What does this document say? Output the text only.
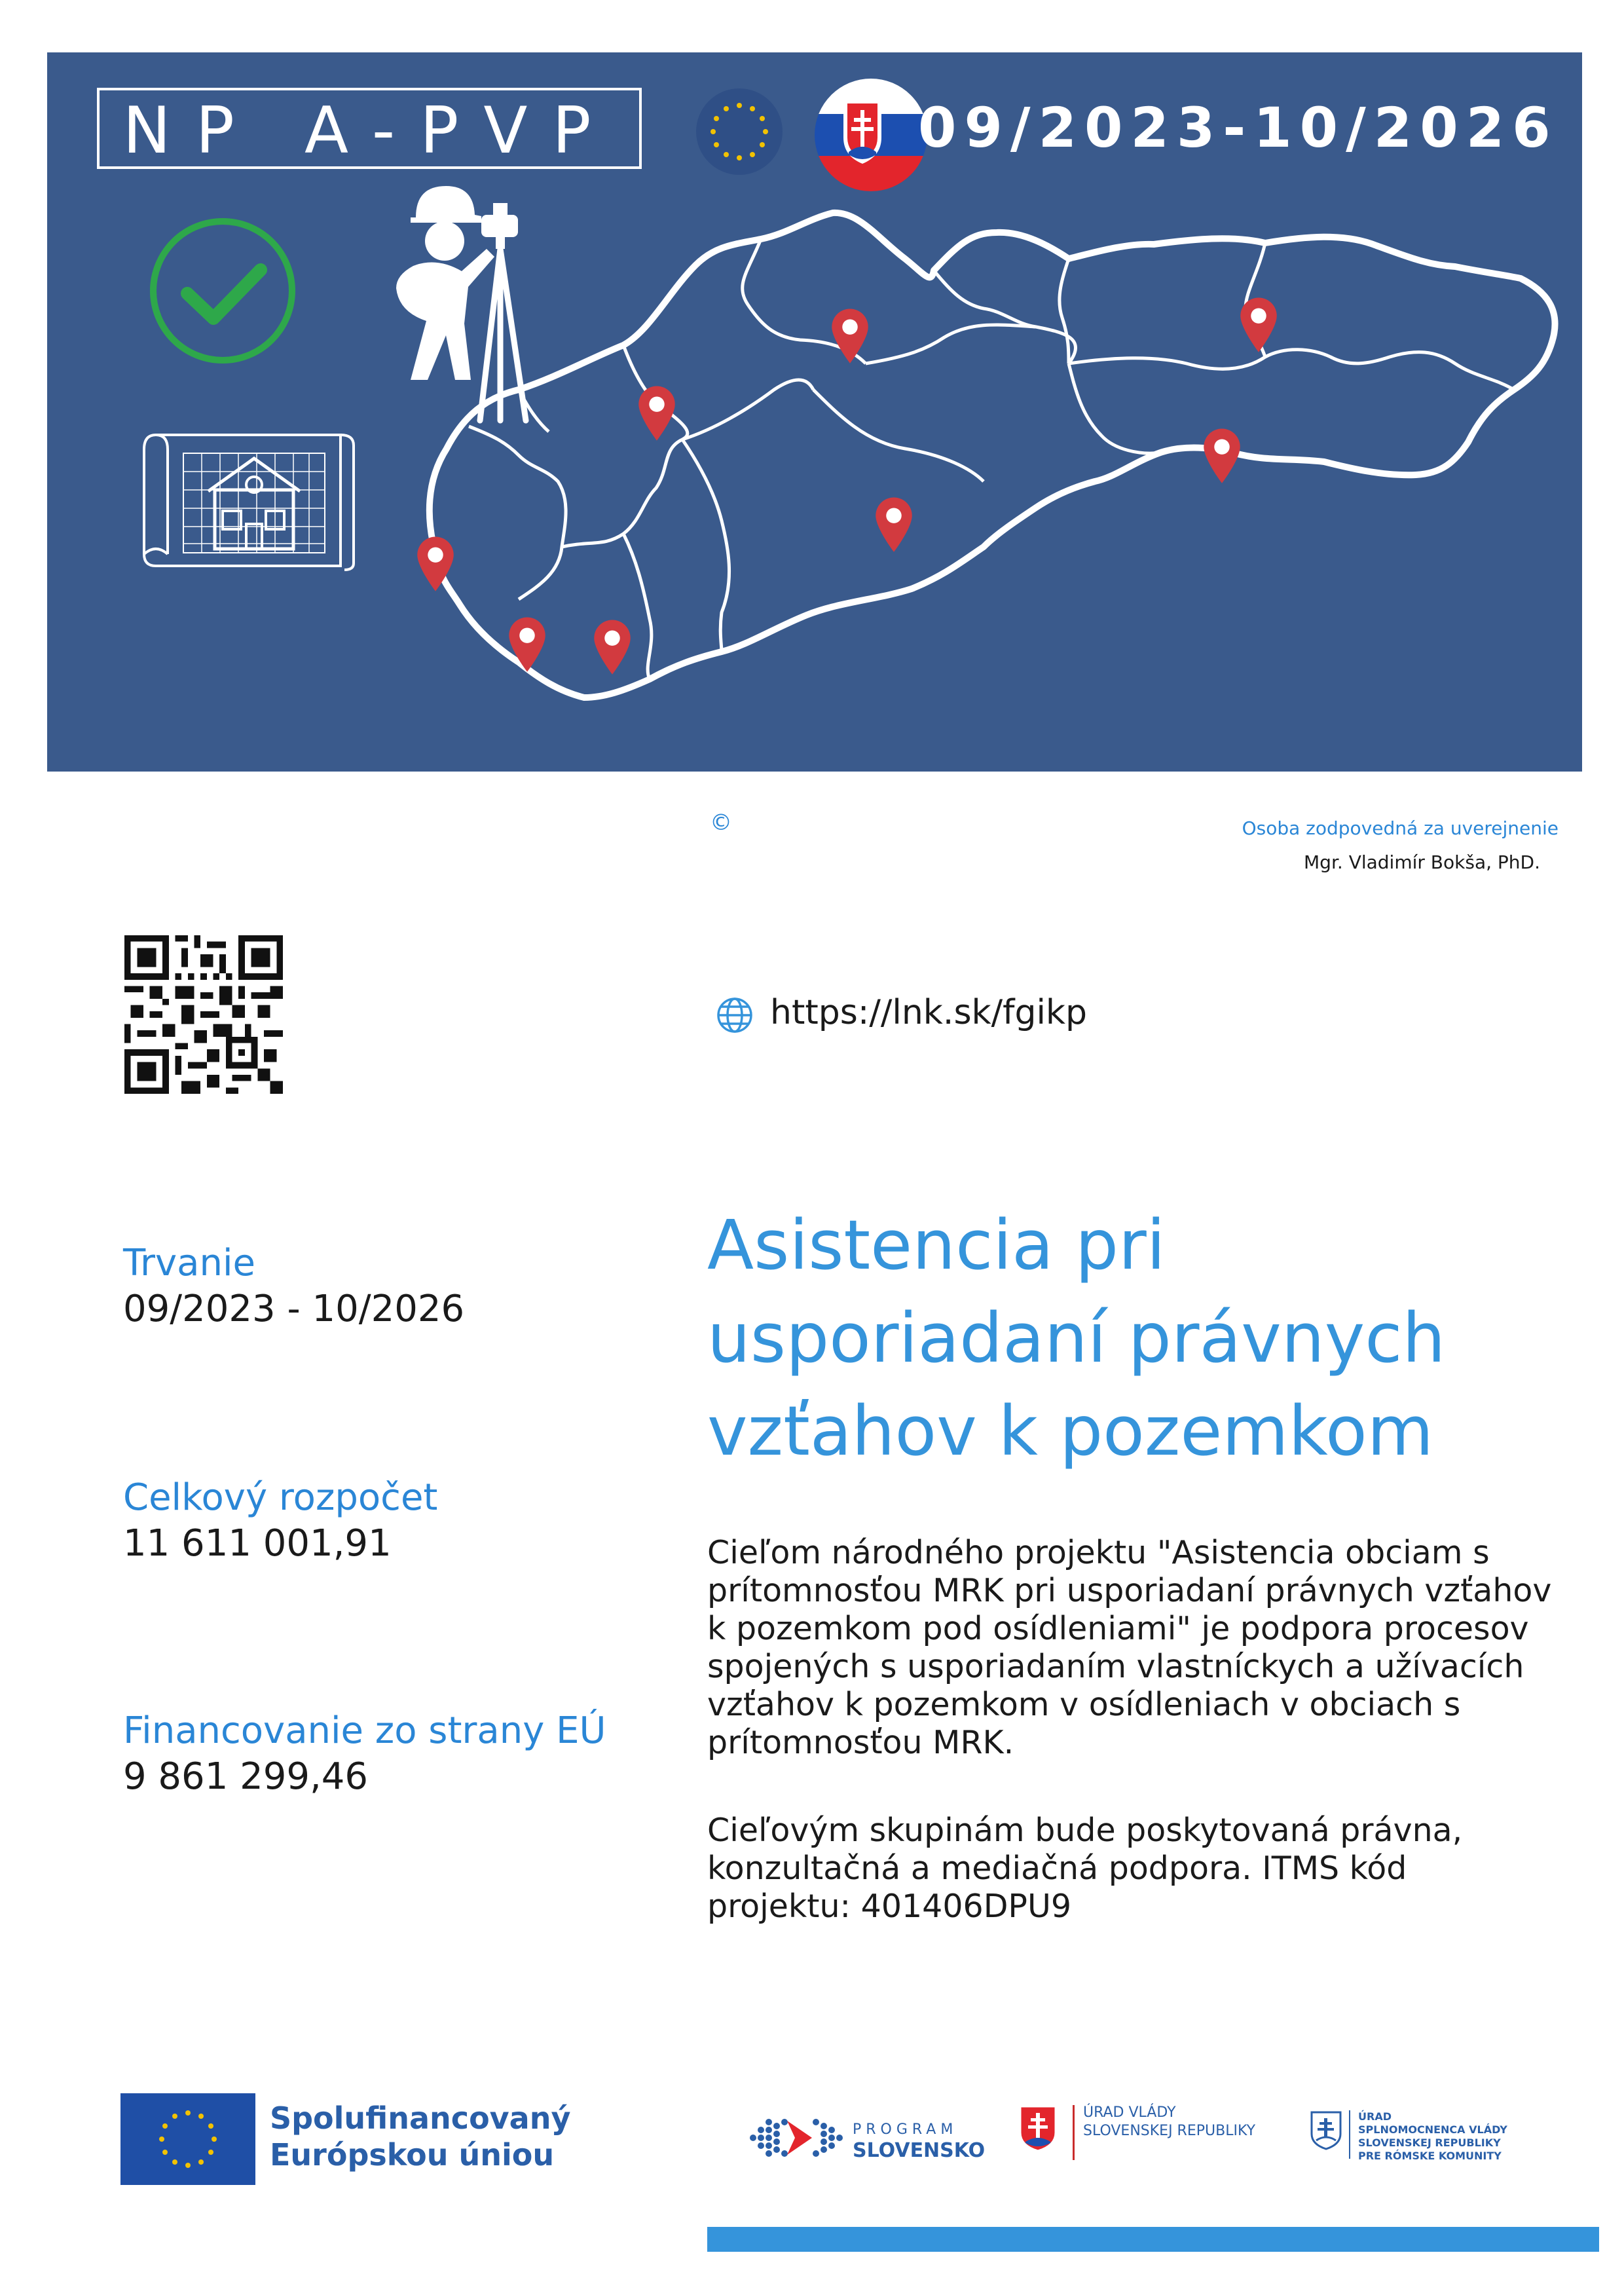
NP A-PVP	09/2023-10/2026
©	Osoba zodpovedná za uverejnenie
Mgr. Vladimír Bokša, PhD.
https://lnk.sk/fgikp
Trvanie
09/2023 - 10/2026
Celkový rozpočet
11 611 001,91
Financovanie zo strany EÚ
9 861 299,46
Asistencia pri
usporiadaní právnych
vzťahov k pozemkom

Cieľom národného projektu "Asistencia obciam s prítomnosťou MRK pri usporiadaní právnych vzťahov k pozemkom pod osídleniami" je podpora procesov spojených s usporiadaním vlastníckych a užívacích vzťahov k pozemkom v osídleniach v obciach s prítomnosťou MRK.

Cieľovým skupinám bude poskytovaná právna, konzultačná a mediačná podpora. ITMS kód projektu: 401406DPU9

Spolufinancovaný
Európskou úniou
PROGRAM
SLOVENSKO
ÚRAD VLÁDY
SLOVENSKEJ REPUBLIKY
ÚRAD
SPLNOMOCNENCA VLÁDY
SLOVENSKEJ REPUBLIKY
PRE RÓMSKE KOMUNITY
